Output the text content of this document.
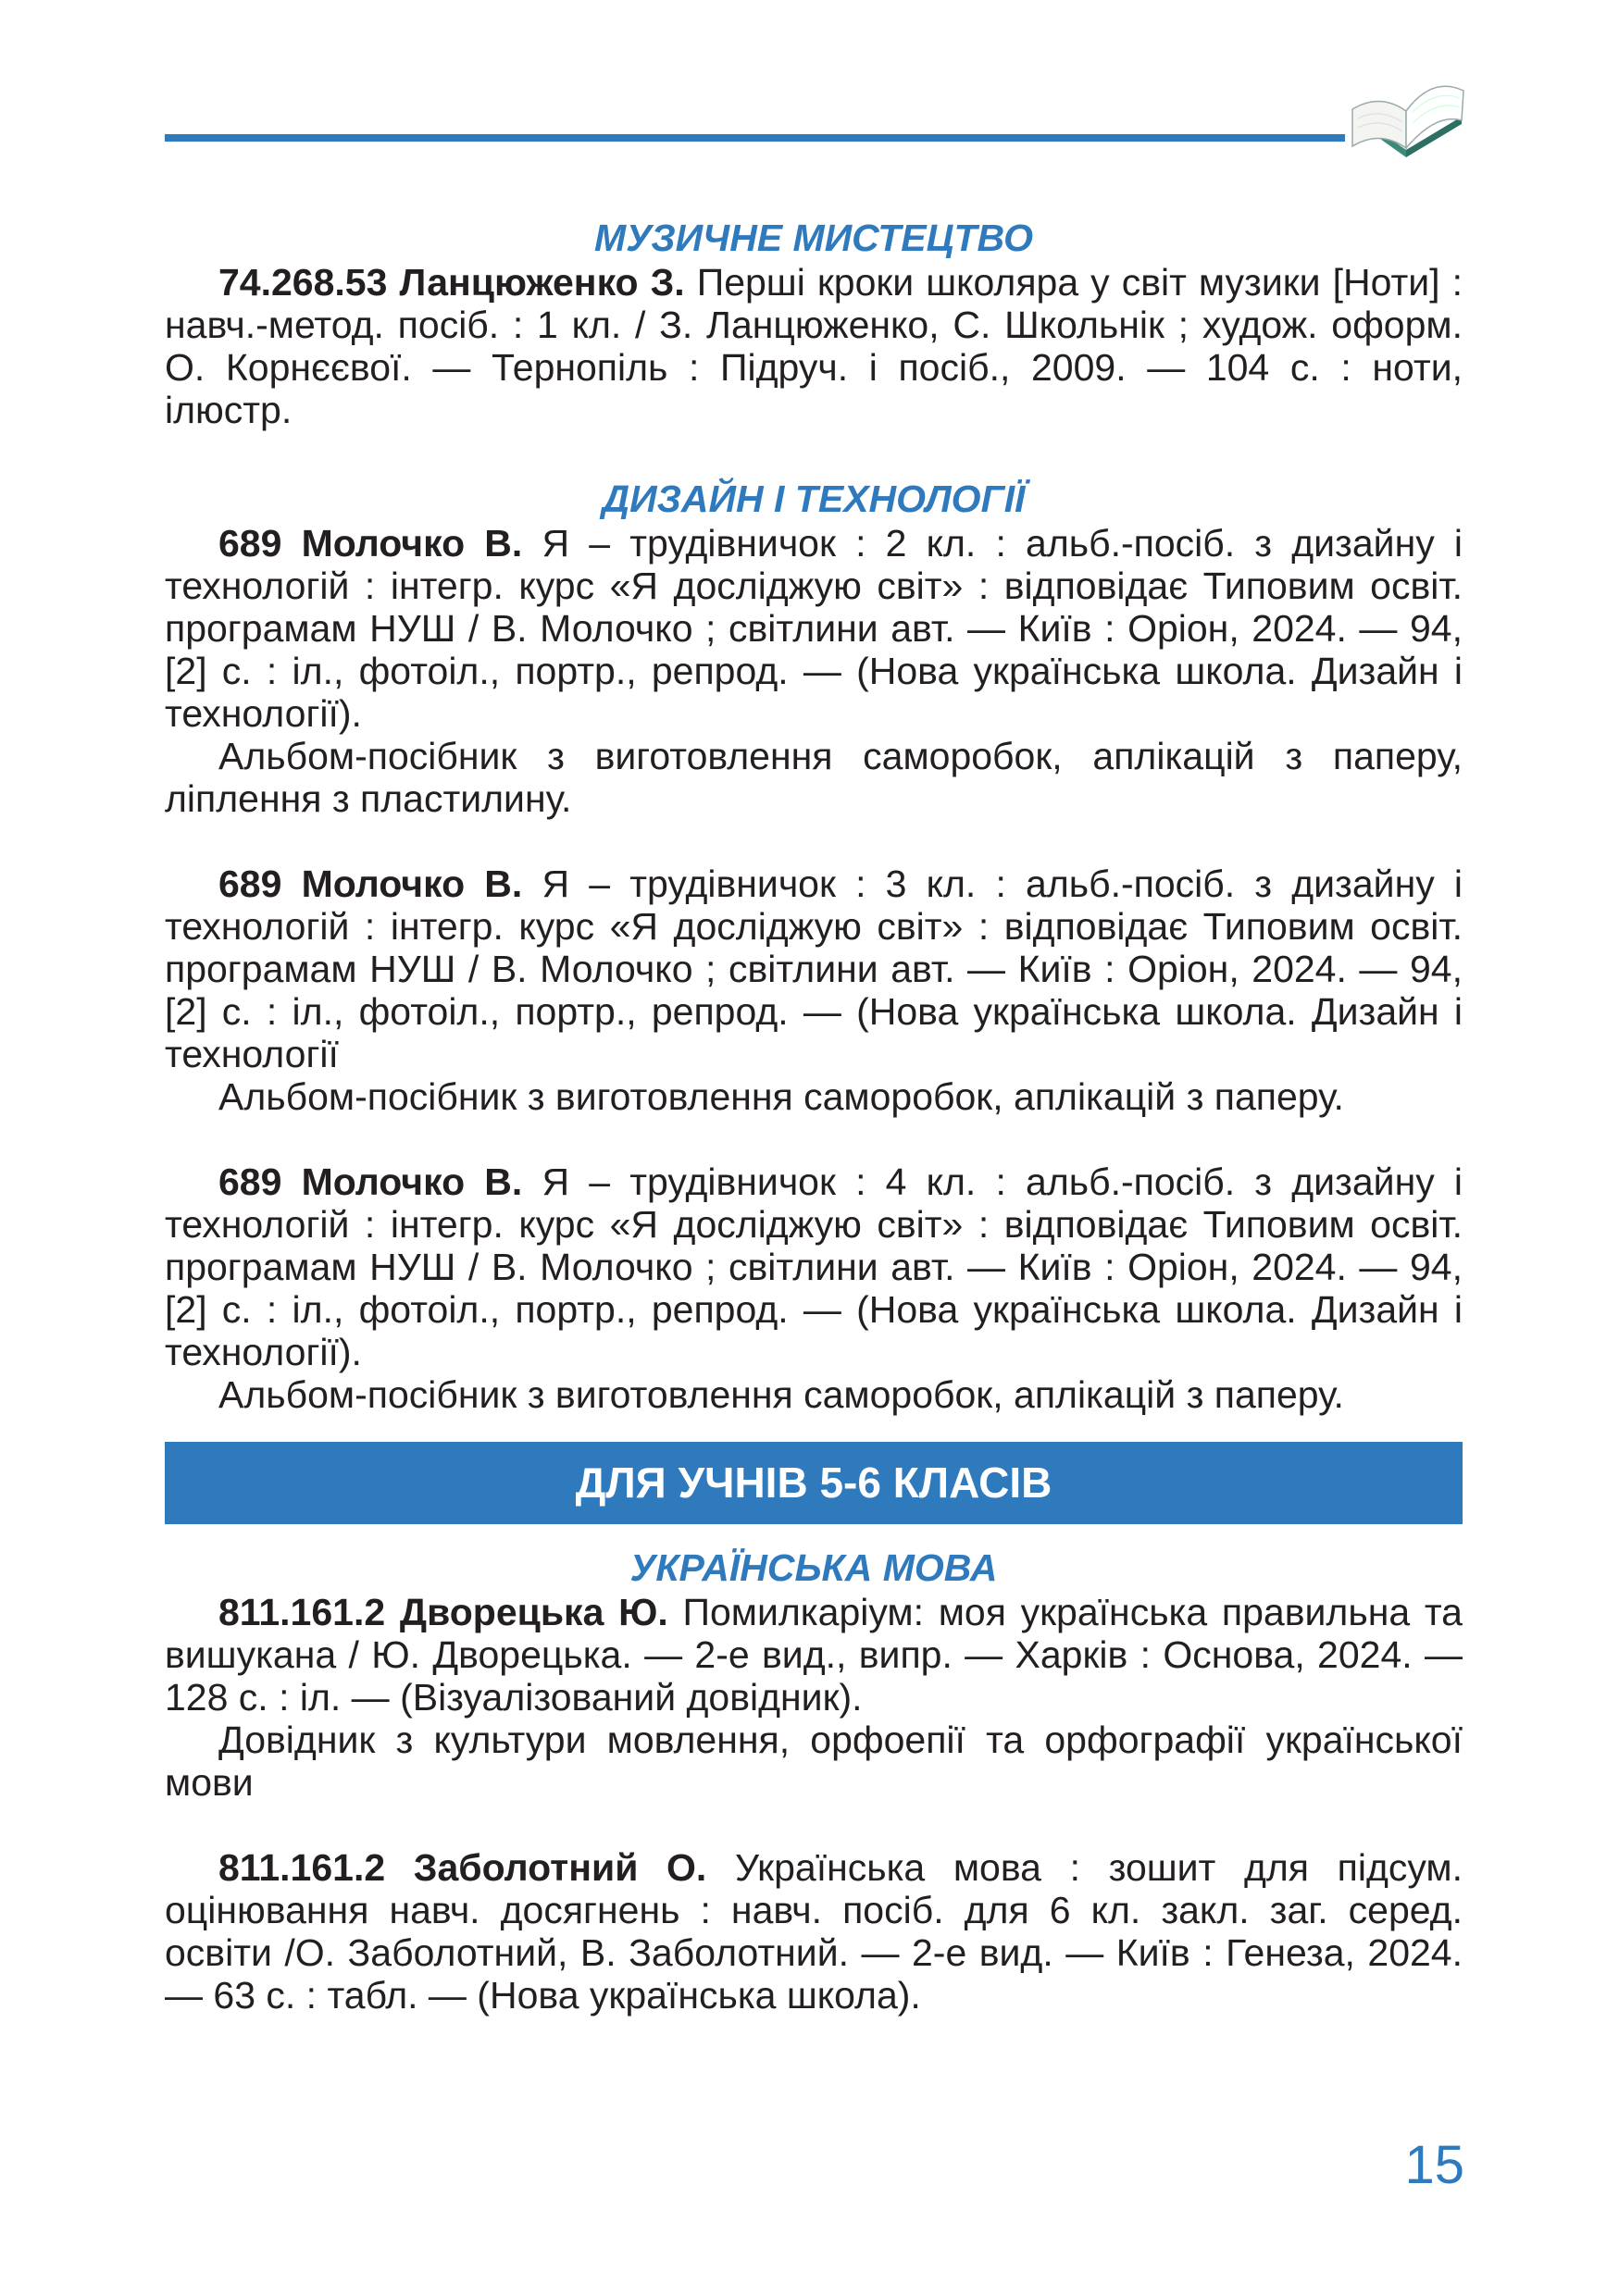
МУЗИЧНЕ МИСТЕЦТВО

74.268.53 Ланцюженко З. Перші кроки школяра у світ музики [Ноти] : навч.-метод. посіб. : 1 кл. / З. Ланцюженко, С. Школьнік ; худож. оформ. О. Корнєєвої. — Тернопіль : Підруч. і посіб., 2009. — 104 с. : ноти, ілюстр.

ДИЗАЙН І ТЕХНОЛОГІЇ

689 Молочко В. Я – трудівничок : 2 кл. : альб.-посіб. з дизайну і технологій : інтегр. курс «Я досліджую світ» : відповідає Типовим освіт. програмам НУШ / В. Молочко ; світлини авт. — Київ : Оріон, 2024. — 94, [2] с. : іл., фотоіл., портр., репрод. — (Нова українська школа. Дизайн і технології).

Альбом-посібник з виготовлення саморобок, аплікацій з паперу, ліплення з пластилину.

689 Молочко В. Я – трудівничок : 3 кл. : альб.-посіб. з дизайну і технологій : інтегр. курс «Я досліджую світ» : відповідає Типовим освіт. програмам НУШ / В. Молочко ; світлини авт. — Київ : Оріон, 2024. — 94, [2] с. : іл., фотоіл., портр., репрод. — (Нова українська школа. Дизайн і технології

Альбом-посібник з виготовлення саморобок, аплікацій з паперу.

689 Молочко В. Я – трудівничок : 4 кл. : альб.-посіб. з дизайну і технологій : інтегр. курс «Я досліджую світ» : відповідає Типовим освіт. програмам НУШ / В. Молочко ; світлини авт. — Київ : Оріон, 2024. — 94, [2] с. : іл., фотоіл., портр., репрод. — (Нова українська школа. Дизайн і технології).

Альбом-посібник з виготовлення саморобок, аплікацій з паперу.

ДЛЯ УЧНІВ 5-6 КЛАСІВ
УКРАЇНСЬКА МОВА

811.161.2 Дворецька Ю. Помилкаріум: моя українська правильна та вишукана / Ю. Дворецька. — 2-е вид., випр. — Харків : Основа, 2024. — 128 с. : іл. — (Візуалізований довідник).

Довідник з культури мовлення, орфоепії та орфографії української мови

811.161.2 Заболотний О. Українська мова : зошит для підсум. оцінювання навч. досягнень : навч. посіб. для 6 кл. закл. заг. серед. освіти /О. Заболотний, В. Заболотний. — 2-е вид. — Київ : Генеза, 2024. — 63 с. : табл. — (Нова українська школа).

15
